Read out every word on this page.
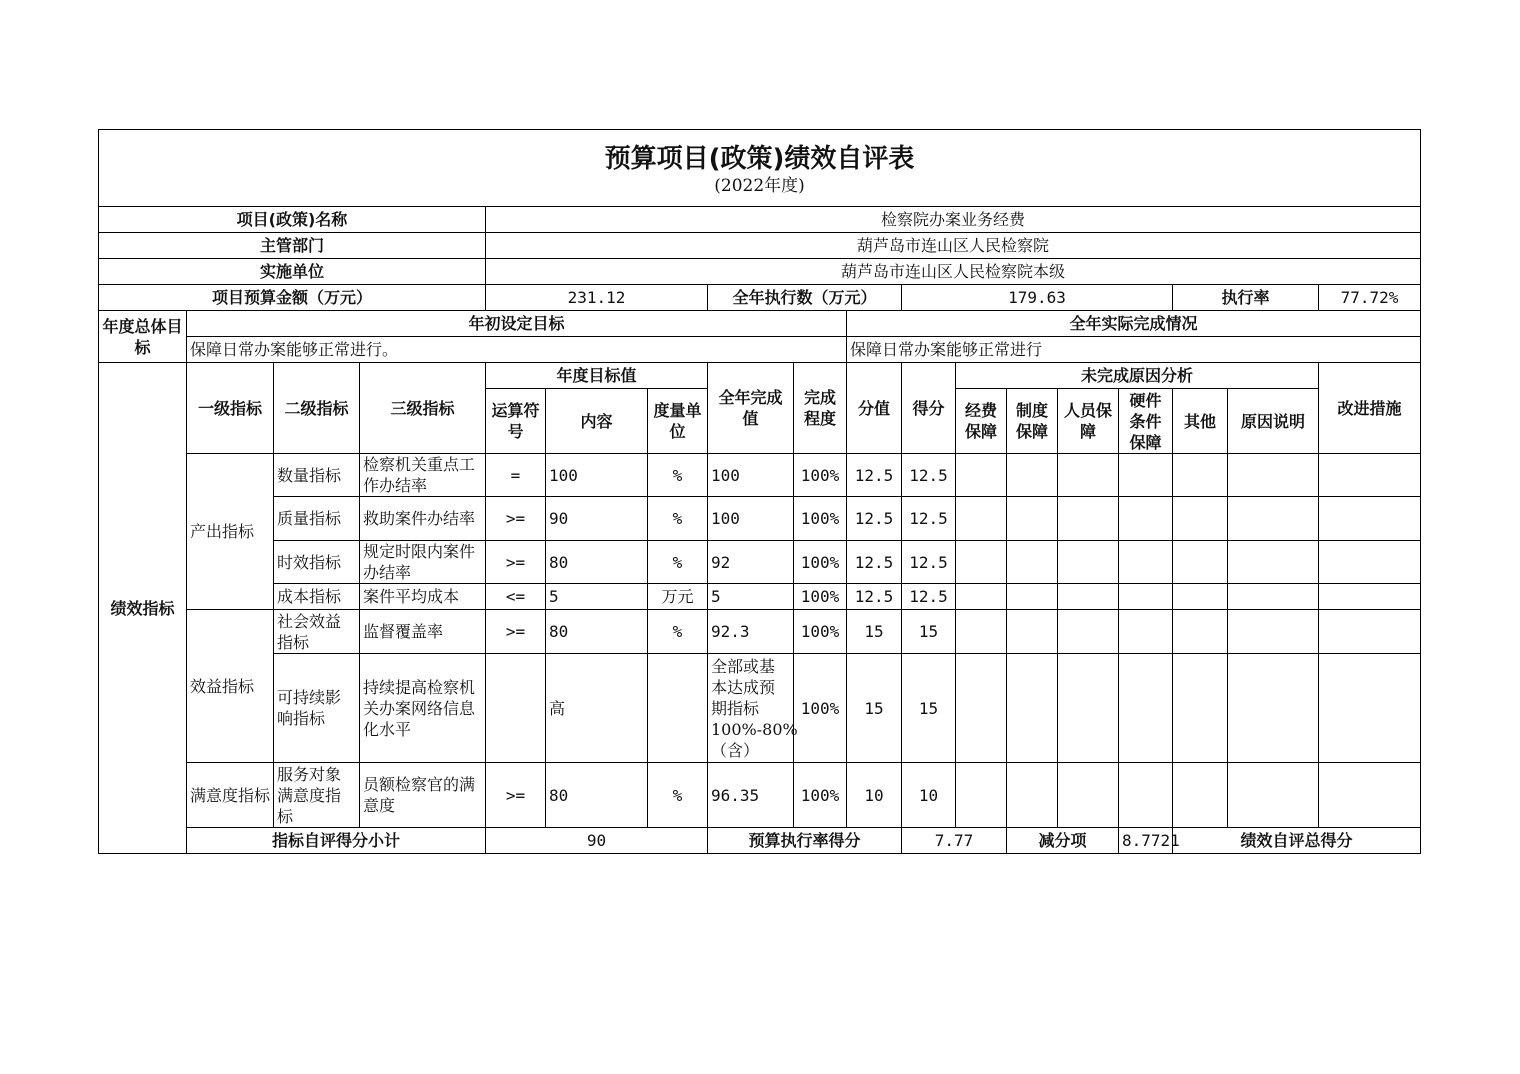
预算项目(政策)绩效自评表
(2022年度)																		

项目(政策)名称				检察院办案业务经费														
主管部门				葫芦岛市连山区人民检察院														
实施单位				葫芦岛市连山区人民检察院本级														
项目预算金额（万元）				231.12			全年执行数（万元）			179.63					执行率		77.72%	
年度总体目标	年初设定目标								全年实际完成情况									
	保障日常办案能够正常进行。								保障日常办案能够正常进行									
绩效指标	一级指标	二级指标	三级指标	年度目标值			全年完成值	完成程度	分值	得分	未完成原因分析						改进措施	
				运算符号	内容	度量单位					经费保障	制度保障	人员保障	硬件条件保障	其他	原因说明		
	产出指标	数量指标	检察机关重点工作办结率	=	100	%	100	100%	12.5	12.5								
		质量指标	救助案件办结率	>=	90	%	100	100%	12.5	12.5								
		时效指标	规定时限内案件办结率	>=	80	%	92	100%	12.5	12.5								
		成本指标	案件平均成本	<=	5	万元	5	100%	12.5	12.5								
	效益指标	社会效益指标	监督覆盖率	>=	80	%	92.3	100%	15	15								
		可持续影响指标	持续提高检察机关办案网络信息化水平		高		全部或基本达成预期指标100%-80%（含）	100%	15	15								
	满意度指标	服务对象满意度指标	员额检察官的满意度	>=	80	%	96.35	100%	10	10								
	指标自评得分小计			90			预算执行率得分			7.77		减分项		8.7721	绩效自评总得分	
